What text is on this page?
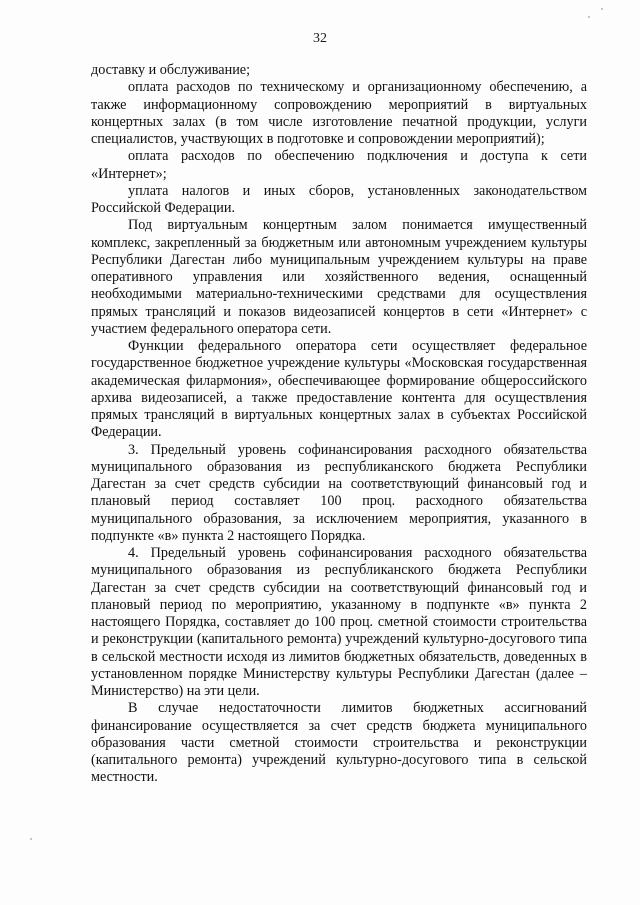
32

доставку и обслуживание;

оплата расходов по техническому и организационному обеспечению, а также информационному сопровождению мероприятий в виртуальных концертных залах (в том числе изготовление печатной продукции, услуги специалистов, участвующих в подготовке и сопровождении мероприятий);

оплата расходов по обеспечению подключения и доступа к сети «Интернет»;

уплата налогов и иных сборов, установленных законодательством Российской Федерации.

Под виртуальным концертным залом понимается имущественный комплекс, закрепленный за бюджетным или автономным учреждением культуры Республики Дагестан либо муниципальным учреждением культуры на праве оперативного управления или хозяйственного ведения, оснащенный необходимыми материально-техническими средствами для осуществления прямых трансляций и показов видеозаписей концертов в сети «Интернет» с участием федерального оператора сети.

Функции федерального оператора сети осуществляет федеральное государственное бюджетное учреждение культуры «Московская государственная академическая филармония», обеспечивающее формирование общероссийского архива видеозаписей, а также предоставление контента для осуществления прямых трансляций в виртуальных концертных залах в субъектах Российской Федерации.

3. Предельный уровень софинансирования расходного обязательства муниципального образования из республиканского бюджета Республики Дагестан за счет средств субсидии на соответствующий финансовый год и плановый период составляет 100 проц. расходного обязательства муниципального образования, за исключением мероприятия, указанного в подпункте «в» пункта 2 настоящего Порядка.

4. Предельный уровень софинансирования расходного обязательства муниципального образования из республиканского бюджета Республики Дагестан за счет средств субсидии на соответствующий финансовый год и плановый период по мероприятию, указанному в подпункте «в» пункта 2 настоящего Порядка, составляет до 100 проц. сметной стоимости строительства и реконструкции (капитального ремонта) учреждений культурно-досугового типа в сельской местности исходя из лимитов бюджетных обязательств, доведенных в установленном порядке Министерству культуры Республики Дагестан (далее – Министерство) на эти цели.

В случае недостаточности лимитов бюджетных ассигнований финансирование осуществляется за счет средств бюджета муниципального образования части сметной стоимости строительства и реконструкции (капитального ремонта) учреждений культурно-досугового типа в сельской местности.
